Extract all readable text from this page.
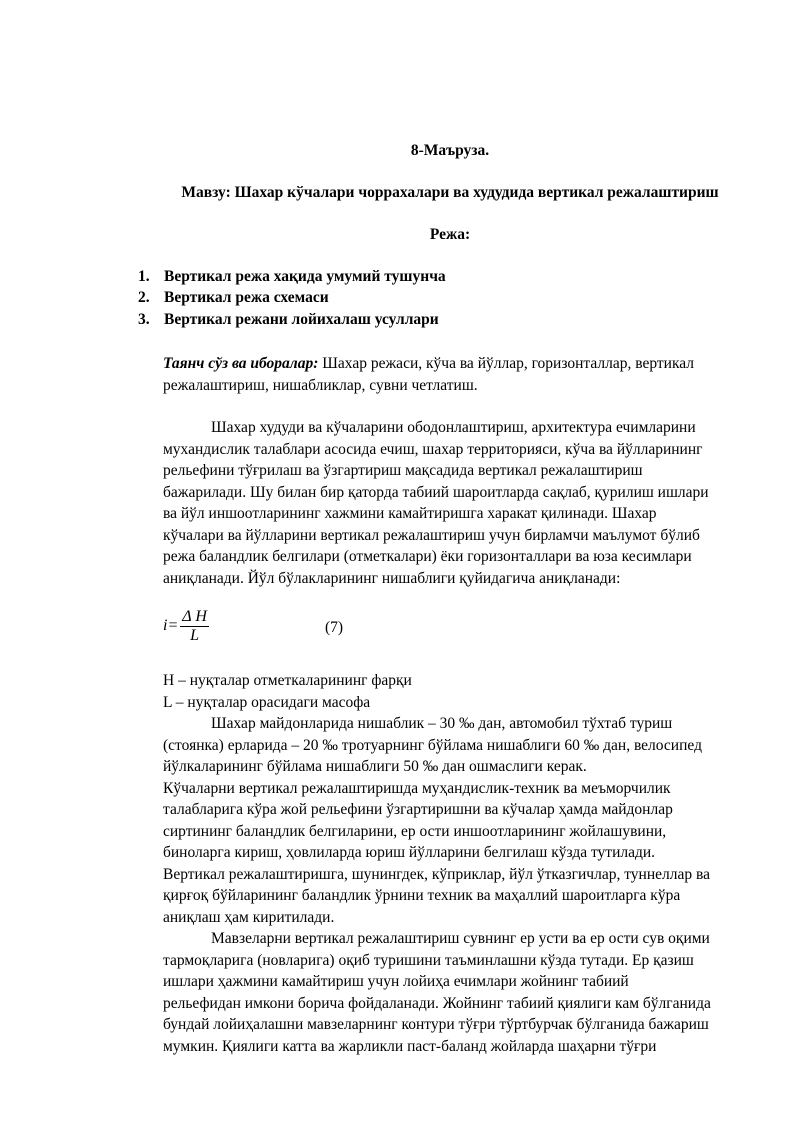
8-Маъруза.
Мавзу: Шахар кўчалари чоррахалари ва худудида вертикал режалаштириш
Режа:
1. Вертикал режа хақида умумий тушунча
2. Вертикал режа схемаси
3. Вертикал режани лойихалаш усуллари
Таянч сўз ва иборалар: Шахар режаси, кўча ва йўллар, горизонталлар, вертикал
режалаштириш, нишабликлар, сувни четлатиш.
Шахар худуди ва кўчаларини ободонлаштириш, архитектура ечимларини
мухандислик талаблари асосида ечиш, шахар территорияси, кўча ва йўлларининг
рельефини тўғрилаш ва ўзгартириш мақсадида вертикал режалаштириш
бажарилади. Шу билан бир қаторда табиий шароитларда сақлаб, қурилиш ишлари
ва йўл иншоотларининг хажмини камайтиришга харакат қилинади. Шахар
кўчалари ва йўлларини вертикал режалаштириш учун бирламчи маълумот бўлиб
режа баландлик белгилари (отметкалари) ёки горизонталлари ва юза кесимлари
аниқланади. Йўл бўлакларининг нишаблиги қуйидагича аниқланади:
$i= \frac{\text{Δ H}}{L}$	(7)
H – нуқталар отметкаларининг фарқи
L – нуқталар орасидаги масофа
Шахар майдонларида нишаблик – 30 ‰ дан, автомобил тўхтаб туриш
(стоянка) ерларида – 20 ‰ тротуарнинг бўйлама нишаблиги 60 ‰ дан, велосипед
йўлкаларининг бўйлама нишаблиги 50 ‰ дан ошмаслиги керак.
Кўчаларни вертикал режалаштиришда муҳандислик-техник ва меъморчилик
талабларига кўра жой рельефини ўзгартиришни ва кўчалар ҳамда майдонлар
сиртининг баландлик белгиларини, ер ости иншоотларининг жойлашувини,
биноларга кириш, ҳовлиларда юриш йўлларини белгилаш кўзда тутилади.
Вертикал режалаштиришга, шунингдек, кўприклар, йўл ўтказгичлар, туннеллар ва
қирғоқ бўйларининг баландлик ўрнини техник ва маҳаллий шароитларга кўра
аниқлаш ҳам киритилади.
Мавзеларни вертикал режалаштириш сувнинг ер усти ва ер ости сув оқими
тармоқларига (новларига) оқиб туришини таъминлашни кўзда тутади. Ер қазиш
ишлари ҳажмини камайтириш учун лойиҳа ечимлари жойнинг табиий
рельефидан имкони борича фойдаланади. Жойнинг табиий қиялиги кам бўлганида
бундай лойиҳалашни мавзеларнинг контури тўғри тўртбурчак бўлганида бажариш
мумкин. Қиялиги катта ва жарликли паст-баланд жойларда шаҳарни тўғри
